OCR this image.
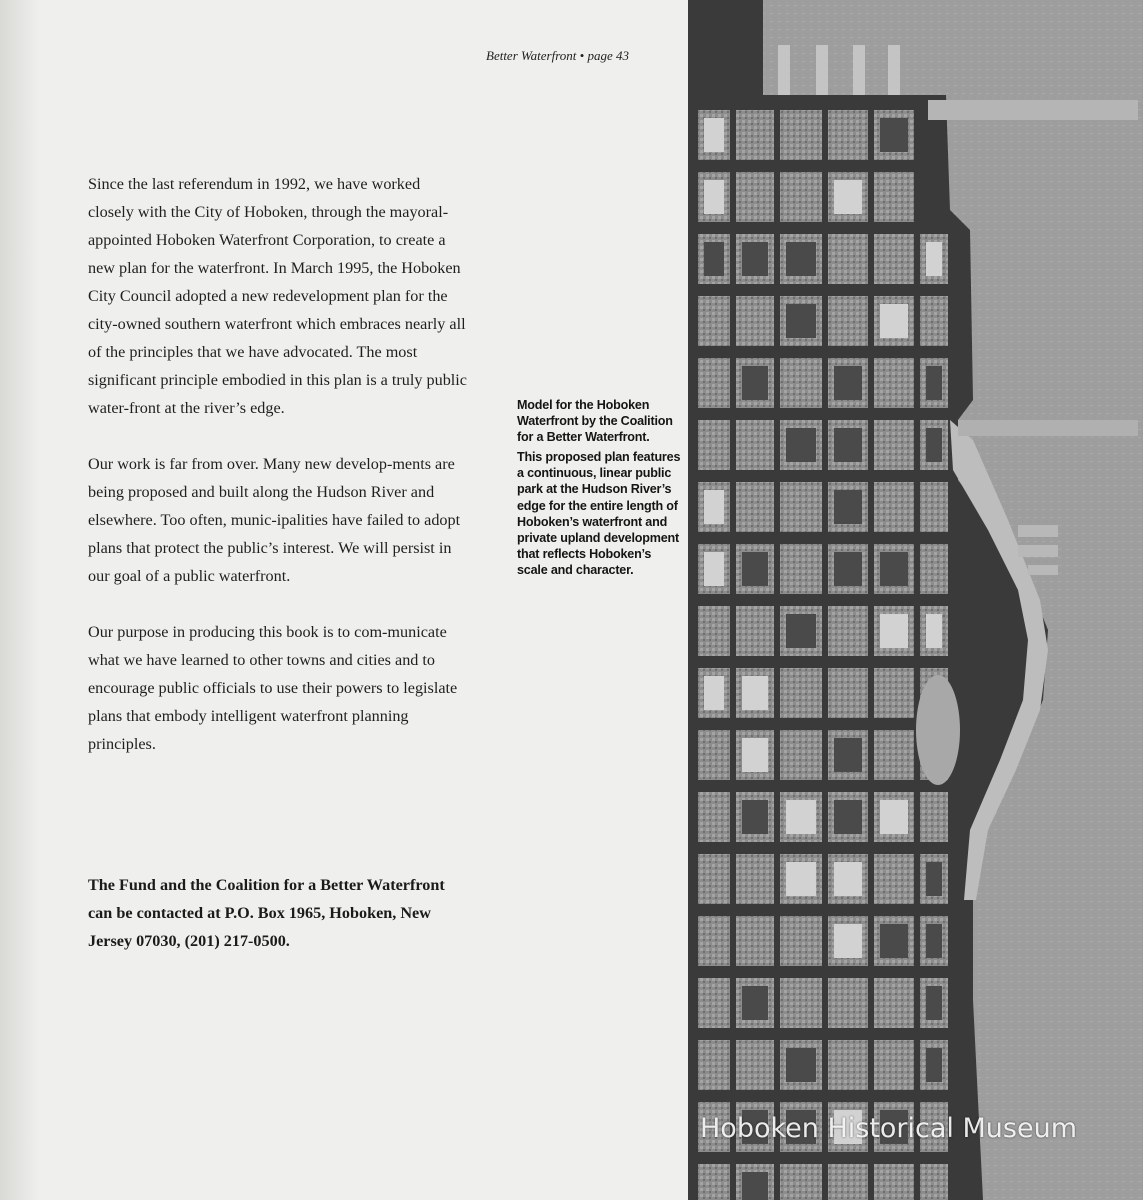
Better Waterfront • page 43

Since the last referendum in 1992, we have worked closely with the City of Hoboken, through the mayoral-appointed Hoboken Waterfront Corporation, to create a new plan for the waterfront. In March 1995, the Hoboken City Council adopted a new redevelopment plan for the city-owned southern waterfront which embraces nearly all of the principles that we have advocated. The most significant principle embodied in this plan is a truly public water-front at the river’s edge.

Our work is far from over. Many new develop-ments are being proposed and built along the Hudson River and elsewhere. Too often, munic-ipalities have failed to adopt plans that protect the public’s interest. We will persist in our goal of a public waterfront.

Our purpose in producing this book is to com-municate what we have learned to other towns and cities and to encourage public officials to use their powers to legislate plans that embody intelligent waterfront planning principles.

The Fund and the Coalition for a Better Waterfront can be contacted at P.O. Box 1965, Hoboken, New Jersey 07030, (201) 217-0500.

Model for the Hoboken Waterfront by the Coalition for a Better Waterfront.

This proposed plan features a continuous, linear public park at the Hudson River’s edge for the entire length of Hoboken’s waterfront and private upland development that reflects Hoboken’s scale and character.

Hoboken Historical Museum
